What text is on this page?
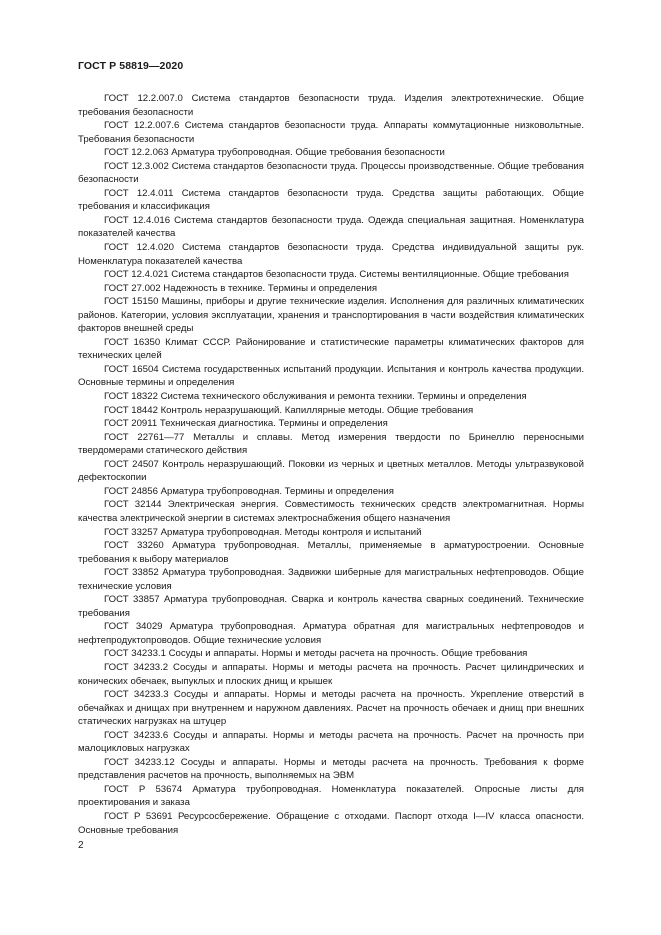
ГОСТ Р 58819—2020

ГОСТ 12.2.007.0 Система стандартов безопасности труда. Изделия электротехнические. Общие требования безопасности

ГОСТ 12.2.007.6 Система стандартов безопасности труда. Аппараты коммутационные низковольтные. Требования безопасности

ГОСТ 12.2.063 Арматура трубопроводная. Общие требования безопасности

ГОСТ 12.3.002 Система стандартов безопасности труда. Процессы производственные. Общие требования безопасности

ГОСТ 12.4.011 Система стандартов безопасности труда. Средства защиты работающих. Общие требования и классификация

ГОСТ 12.4.016 Система стандартов безопасности труда. Одежда специальная защитная. Номенклатура показателей качества

ГОСТ 12.4.020 Система стандартов безопасности труда. Средства индивидуальной защиты рук. Номенклатура показателей качества

ГОСТ 12.4.021 Система стандартов безопасности труда. Системы вентиляционные. Общие требования

ГОСТ 27.002 Надежность в технике. Термины и определения

ГОСТ 15150 Машины, приборы и другие технические изделия. Исполнения для различных климатических районов. Категории, условия эксплуатации, хранения и транспортирования в части воздействия климатических факторов внешней среды

ГОСТ 16350 Климат СССР. Районирование и статистические параметры климатических факторов для технических целей

ГОСТ 16504 Система государственных испытаний продукции. Испытания и контроль качества продукции. Основные термины и определения

ГОСТ 18322 Система технического обслуживания и ремонта техники. Термины и определения

ГОСТ 18442 Контроль неразрушающий. Капиллярные методы. Общие требования

ГОСТ 20911 Техническая диагностика. Термины и определения

ГОСТ 22761—77 Металлы и сплавы. Метод измерения твердости по Бринеллю переносными твердомерами статического действия

ГОСТ 24507 Контроль неразрушающий. Поковки из черных и цветных металлов. Методы ультразвуковой дефектоскопии

ГОСТ 24856 Арматура трубопроводная. Термины и определения

ГОСТ 32144 Электрическая энергия. Совместимость технических средств электромагнитная. Нормы качества электрической энергии в системах электроснабжения общего назначения

ГОСТ 33257 Арматура трубопроводная. Методы контроля и испытаний

ГОСТ 33260 Арматура трубопроводная. Металлы, применяемые в арматуростроении. Основные требования к выбору материалов

ГОСТ 33852 Арматура трубопроводная. Задвижки шиберные для магистральных нефтепроводов. Общие технические условия

ГОСТ 33857 Арматура трубопроводная. Сварка и контроль качества сварных соединений. Технические требования

ГОСТ 34029 Арматура трубопроводная. Арматура обратная для магистральных нефтепроводов и нефтепродуктопроводов. Общие технические условия

ГОСТ 34233.1 Сосуды и аппараты. Нормы и методы расчета на прочность. Общие требования

ГОСТ 34233.2 Сосуды и аппараты. Нормы и методы расчета на прочность. Расчет цилиндрических и конических обечаек, выпуклых и плоских днищ и крышек

ГОСТ 34233.3 Сосуды и аппараты. Нормы и методы расчета на прочность. Укрепление отверстий в обечайках и днищах при внутреннем и наружном давлениях. Расчет на прочность обечаек и днищ при внешних статических нагрузках на штуцер

ГОСТ 34233.6 Сосуды и аппараты. Нормы и методы расчета на прочность. Расчет на прочность при малоцикловых нагрузках

ГОСТ 34233.12 Сосуды и аппараты. Нормы и методы расчета на прочность. Требования к форме представления расчетов на прочность, выполняемых на ЭВМ

ГОСТ Р 53674 Арматура трубопроводная. Номенклатура показателей. Опросные листы для проектирования и заказа

ГОСТ Р 53691 Ресурсосбережение. Обращение с отходами. Паспорт отхода I—IV класса опасности. Основные требования

2
